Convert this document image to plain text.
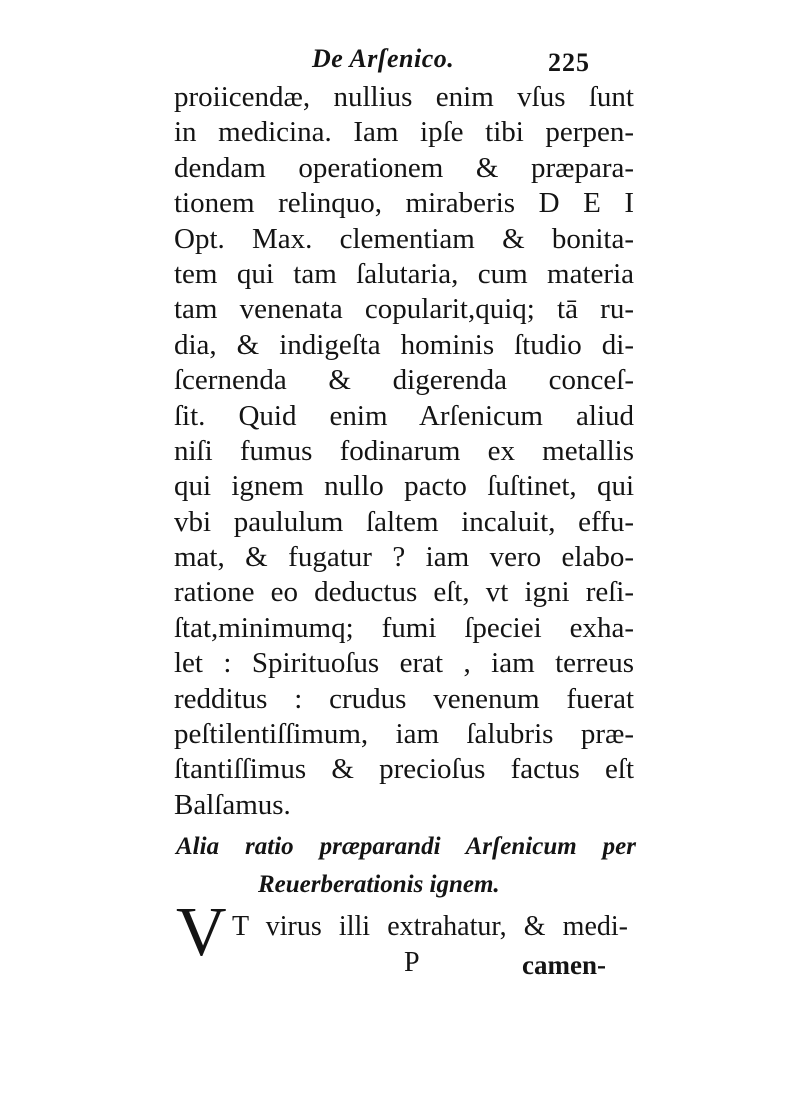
De Arſenico.	225
proiicendæ, nullius enim vſus ſunt
in medicina. Iam ipſe tibi perpen-
dendam operationem & præpara-
tionem relinquo, miraberis D E I
Opt. Max. clementiam & bonita-
tem qui tam ſalutaria, cum materia
tam venenata copularit,quiq; tā ru-
dia, & indigeſta hominis ſtudio di-
ſcernenda & digerenda conceſ-
ſit. Quid enim Arſenicum aliud
niſi fumus fodinarum ex metallis
qui ignem nullo pacto ſuſtinet, qui
vbi paululum ſaltem incaluit, effu-
mat, & fugatur ? iam vero elabo-
ratione eo deductus eſt, vt igni reſi-
ſtat,minimumq; fumi ſpeciei exha-
let : Spirituoſus erat , iam terreus
redditus : crudus venenum fuerat
peſtilentiſſimum, iam ſalubris præ-
ſtantiſſimus & precioſus factus eſt
Balſamus.
Alia ratio præparandi Arſenicum per
Reuerberationis ignem.
V T virus illi extrahatur, & medi-
P	camen-
